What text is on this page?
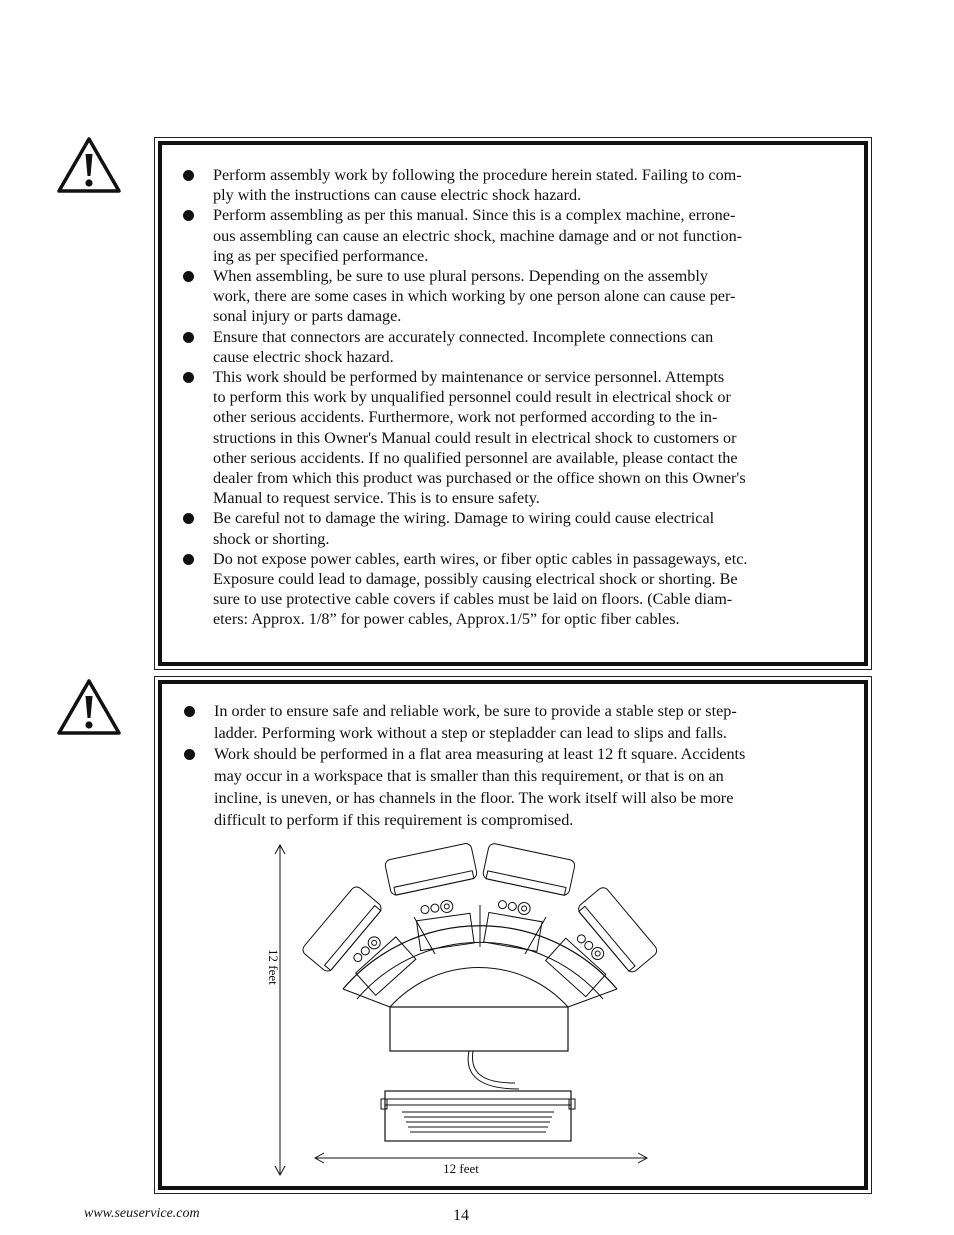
Perform assembly work by following the procedure herein stated. Failing to com-
ply with the instructions can cause electric shock hazard.
Perform assembling as per this manual. Since this is a complex machine, errone-
ous assembling can cause an electric shock, machine damage and or not function-
ing as per specified performance.
When assembling, be sure to use plural persons. Depending on the assembly
work, there are some cases in which working by one person alone can cause per-
sonal injury or parts damage.
Ensure that connectors are accurately connected. Incomplete connections can
cause electric shock hazard.
This work should be performed by maintenance or service personnel. Attempts
to perform this work by unqualified personnel could result in electrical shock or
other serious accidents. Furthermore, work not performed according to the in-
structions in this Owner's Manual could result in electrical shock to customers or
other serious accidents. If no qualified personnel are available, please contact the
dealer from which this product was purchased or the office shown on this Owner's
Manual to request service. This is to ensure safety.
Be careful not to damage the wiring. Damage to wiring could cause electrical
shock or shorting.
Do not expose power cables, earth wires, or fiber optic cables in passageways, etc.
Exposure could lead to damage, possibly causing electrical shock or shorting. Be
sure to use protective cable covers if cables must be laid on floors. (Cable diam-
eters: Approx. 1/8” for power cables, Approx.1/5” for optic fiber cables.
In order to ensure safe and reliable work, be sure to provide a stable step or step-
ladder. Performing work without a step or stepladder can lead to slips and falls.
Work should be performed in a flat area measuring at least 12 ft square. Accidents
may occur in a workspace that is smaller than this requirement, or that is on an
incline, is uneven, or has channels in the floor. The work itself will also be more
difficult to perform if this requirement is compromised.
12 feet
12 feet
www.seuservice.com	14
